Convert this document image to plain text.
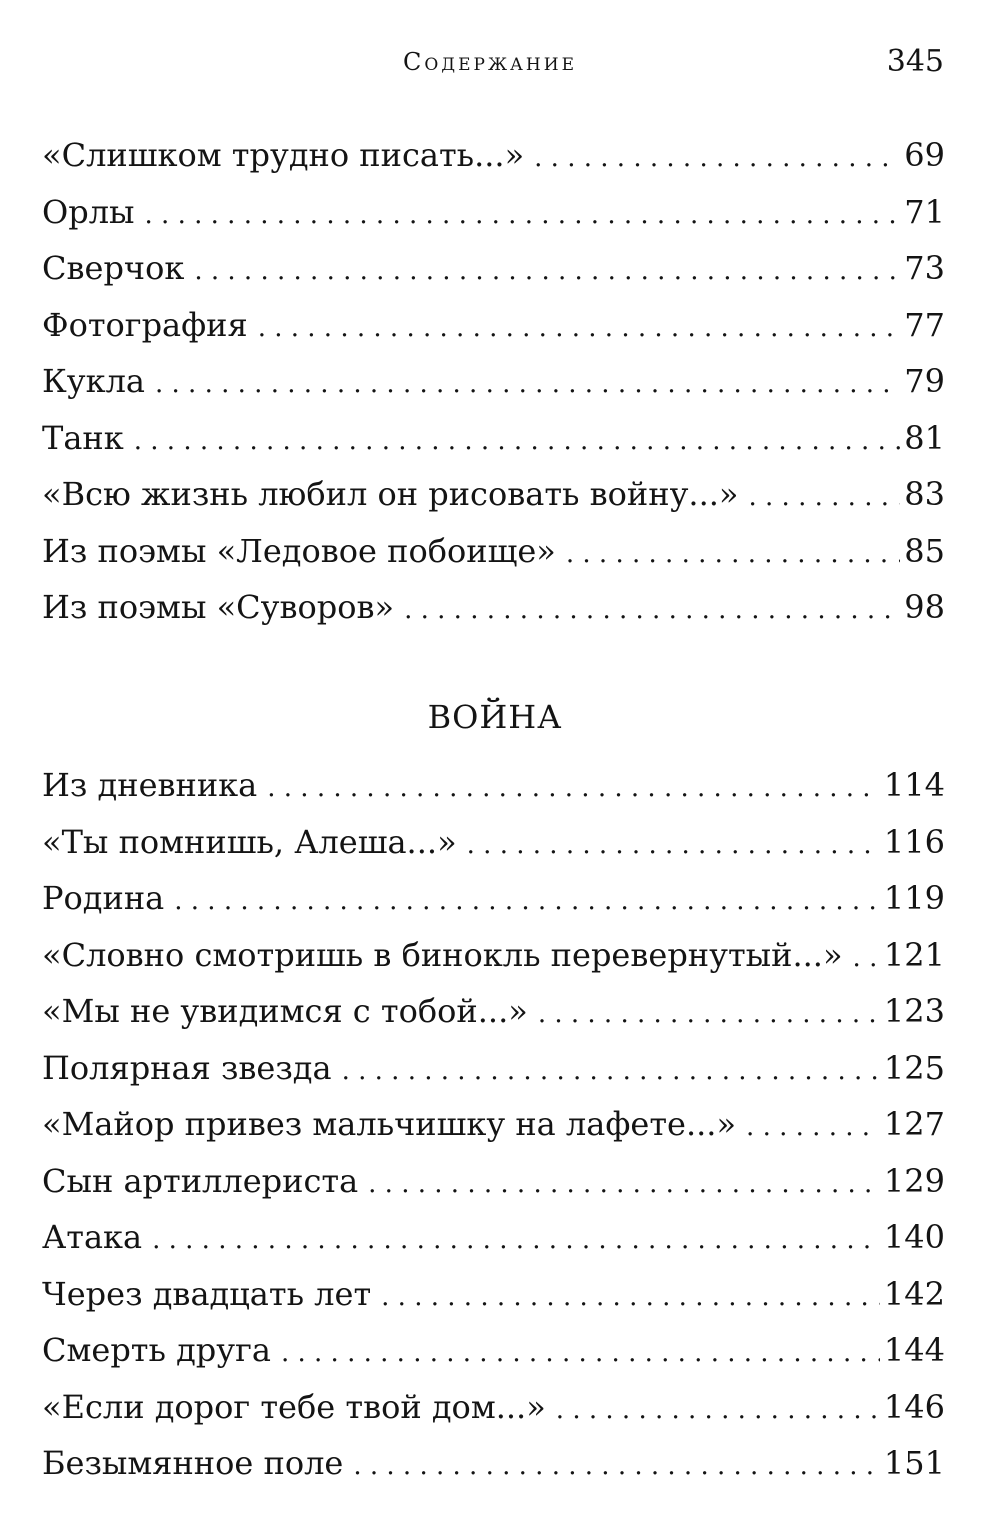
Содержание	345
«Слишком трудно писать...» . . .	69
Орлы . . .	71
Сверчок . . .	73
Фотография . . .	77
Кукла . . .	79
Танк . . .	81
«Всю жизнь любил он рисовать войну...» . . .	83
Из поэмы «Ледовое побоище» . . .	85
Из поэмы «Суворов» . . .	98
ВОЙНА
Из дневника . . .	114
«Ты помнишь, Алеша...» . . .	116
Родина . . .	119
«Словно смотришь в бинокль перевернутый...» . . . 121
«Мы не увидимся с тобой...» . . .	123
Полярная звезда . . .	125
«Майор привез мальчишку на лафете...» . . .	127
Сын артиллериста . . .	129
Атака . . .	140
Через двадцать лет . . .	142
Смерть друга . . .	144
«Если дорог тебе твой дом...» . . .	146
Безымянное поле . . .	151
